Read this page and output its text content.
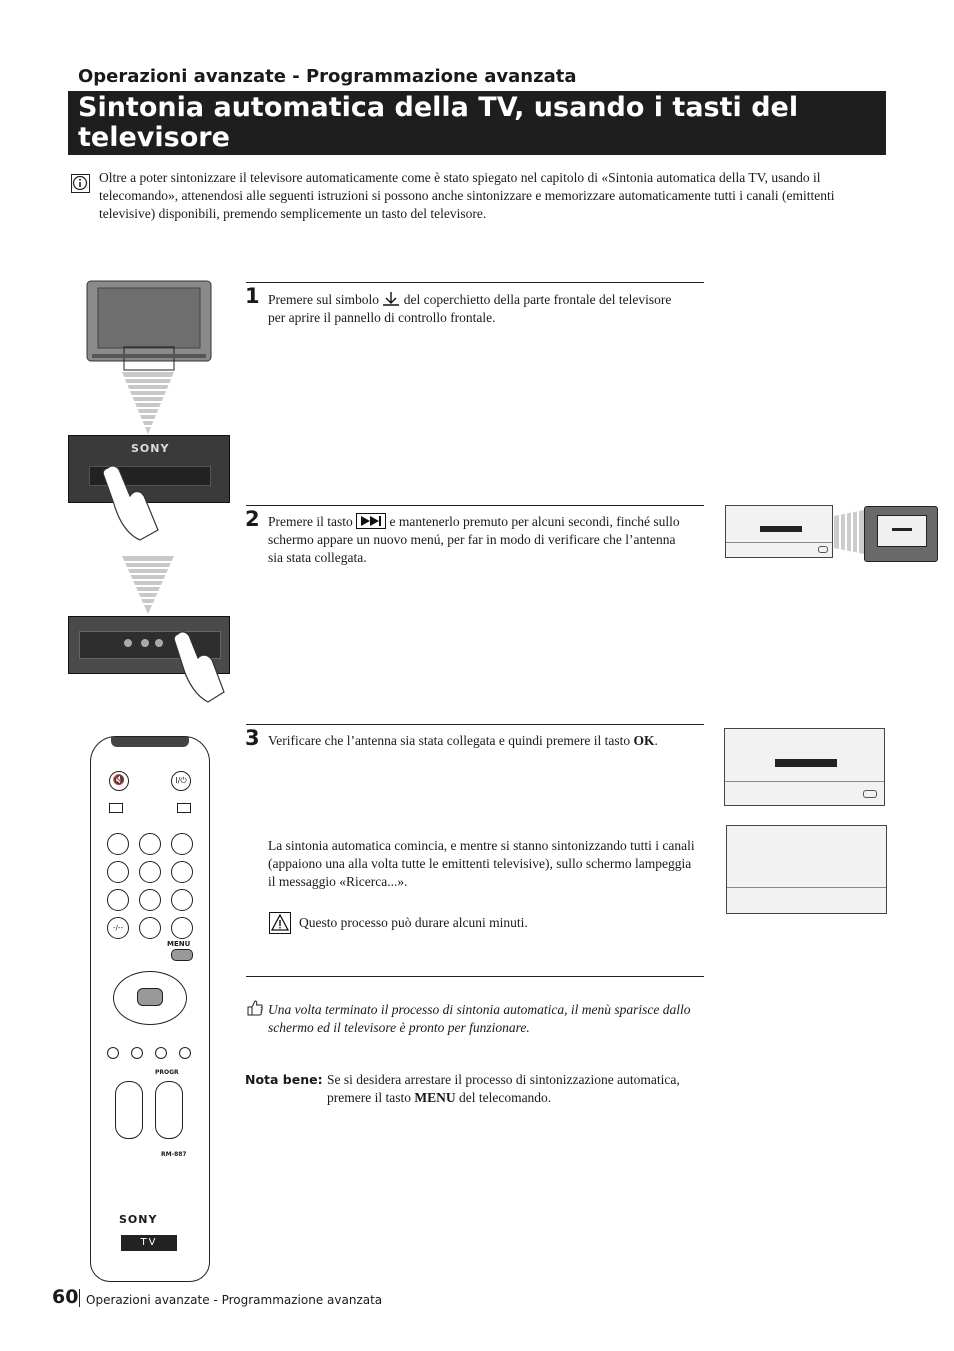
Operazioni avanzate - Programmazione avanzata
Sintonia automatica della TV, usando i tasti del televisore
Oltre a poter sintonizzare il televisore automaticamente come è stato spiegato nel capitolo di «Sintonia automatica della TV, usando il telecomando», attenendosi alle seguenti istruzioni si possono anche sintonizzare e memorizzare automaticamente tutti i canali (emittenti televisive) disponibili, premendo semplicemente un tasto del televisore.
SONY
🔇	I/⏻
-/--
MENU
PROGR
RM-887
SONY
TV
1 Premere sul simbolo del coperchietto della parte frontale del televisore per aprire il pannello di controllo frontale.
2 Premere il tasto	e mantenerlo premuto per alcuni secondi, finché sullo schermo appare un nuovo menú, per far in modo di verificare che l’antenna sia stata collegata.
3 Verificare che l’antenna sia stata collegata e quindi premere il tasto OK.
La sintonia automatica comincia, e mentre si stanno sintonizzando tutti i canali (appaiono una alla volta tutte le emittenti televisive), sullo schermo lampeggia il messaggio «Ricerca...».
Questo processo può durare alcuni minuti.
Una volta terminato il processo di sintonia automatica, il menù sparisce dallo schermo ed il televisore è pronto per funzionare.
Nota bene: Se si desidera arrestare il processo di sintonizzazione automatica, premere il tasto MENU del telecomando.
60 Operazioni avanzate - Programmazione avanzata
